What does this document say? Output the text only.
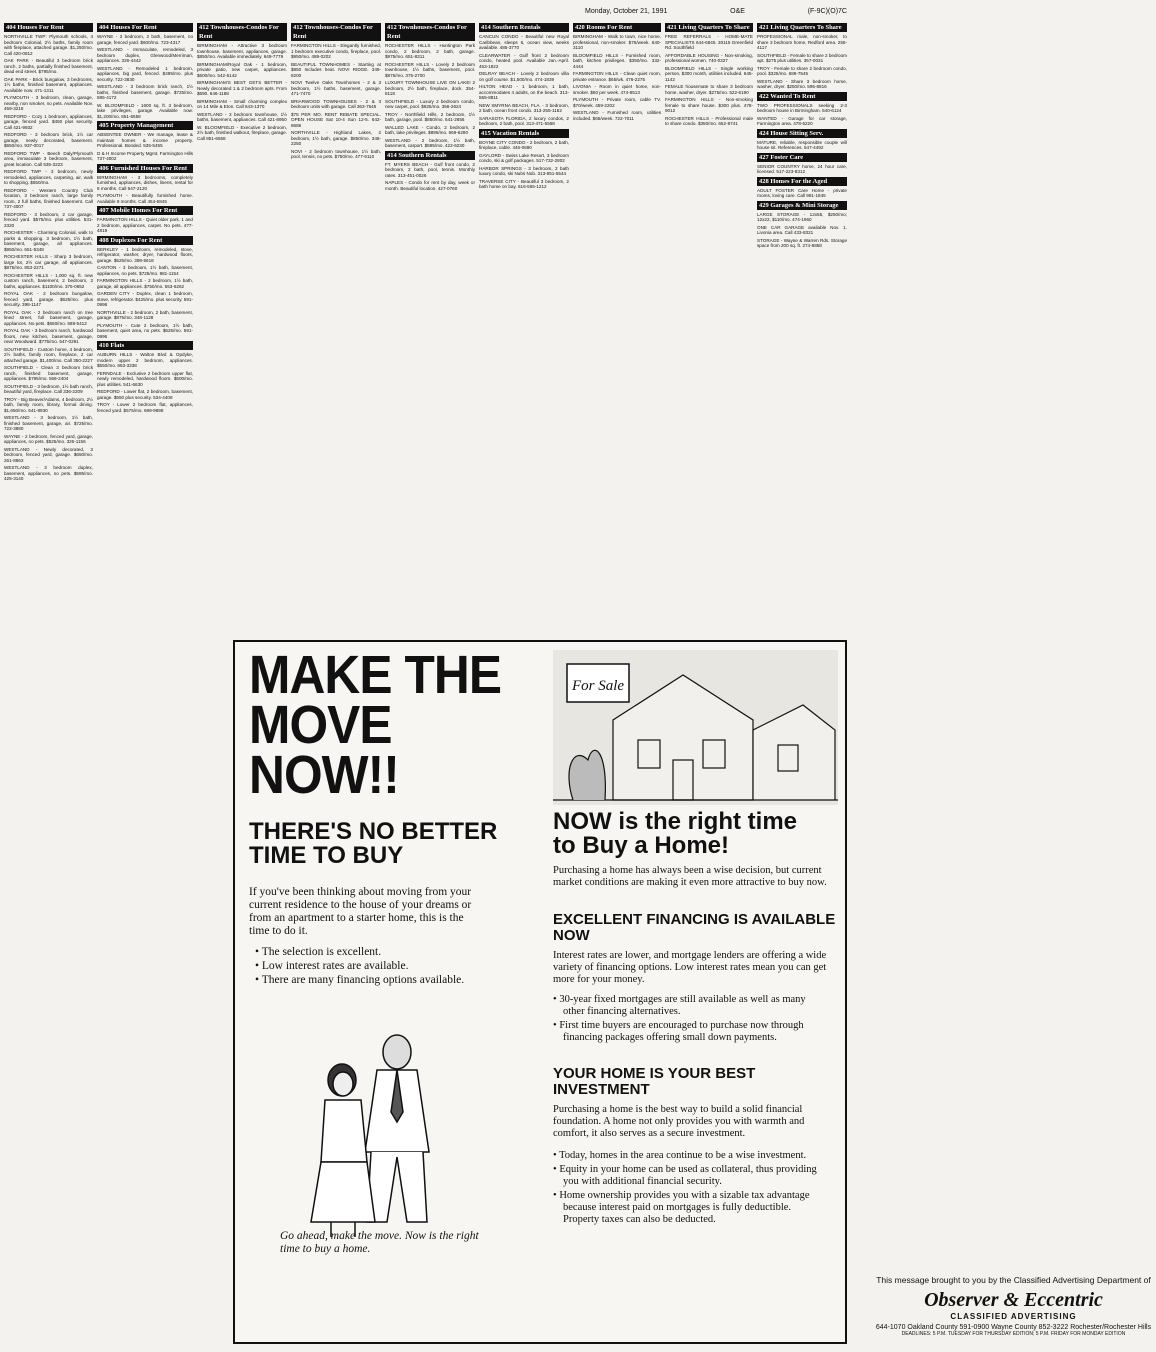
Monday, October 21, 1991	O&E	(F-9C)(O)7C
404 Houses For Rent

NORTHVILLE TWP: Plymouth schools, 4 bedroom Colonial, 2½ baths, family room with fireplace, attached garage. $1,250/mo. Call 420-0812

OAK PARK - Beautiful 3 bedroom brick ranch, 2 baths, partially finished basement, dead end street. $795/mo.

OAK PARK - Brick bungalow, 3 bedrooms, 1½ baths, finished basement, appliances. Available now. 471-1311

PLYMOUTH - 3 bedroom, clean, garage, nearby, non smoker, no pets. Available Nov. 459-3218

REDFORD - Cozy 1 bedroom, appliances, garage, fenced yard. $450 plus security. Call 421-9932

REDFORD - 3 bedroom brick, 1½ car garage, newly decorated, basement. $650/mo. 937-0017

REDFORD TWP - Beech Daly/Plymouth area, immaculate 3 bedroom, basement, great location. Call 535-3223

REDFORD TWP - 3 bedroom, newly remodeled, appliances, carpeting, air, walk to shopping. $650/mo.

REDFORD - Western Country Club location, 3 bedroom ranch, large family room, 2 full baths, finished basement. Call 737-4007

REDFORD - 3 bedroom, 2 car garage, fenced yard. $575/mo. plus utilities. 531-2320

ROCHESTER - Charming Colonial, walk to parks & shopping. 3 bedroom, 1½ bath, basement, garage, all appliances. $950/mo. 651-5348

ROCHESTER HILLS - Sharp 3 bedroom, large lot, 2½ car garage, all appliances. $875/mo. 853-2271

ROCHESTER HILLS - 1,000 sq. ft. new custom ranch, basement, 2 bedroom, 2 baths, appliances. $1100/mo. 375-0652

ROYAL OAK - 2 bedroom bungalow, fenced yard, garage. $625/mo. plus security. 398-1147

ROYAL OAK - 2 bedroom ranch on tree lined street, full basement, garage, appliances. No pets. $650/mo. 588-5412

ROYAL OAK - 3 bedroom ranch, hardwood floors, new kitchen, basement, garage, near Woodward. $775/mo. 547-0291

SOUTHFIELD - Custom home, 4 bedroom, 2½ baths, family room, fireplace, 2 car attached garage. $1,400/mo. Call 350-2227

SOUTHFIELD - Clean 3 bedroom brick ranch, finished basement, garage, appliances. $795/mo. 569-2404

SOUTHFIELD - 3 bedroom, 1½ bath ranch, beautiful yard, fireplace. Call 336-2209

TROY - Big Beaver/Adams, 4 bedroom, 2½ bath, family room, library, formal dining. $1,650/mo. 641-8930

WESTLAND - 3 bedroom, 1½ bath, finished basement, garage, air. $725/mo. 722-3880

WAYNE - 2 bedroom, fenced yard, garage, appliances, no pets. $525/mo. 326-1156

WESTLAND - Newly decorated, 3 bedroom, fenced yard, garage. $650/mo. 261-8863

WESTLAND - 3 bedroom duplex, basement, appliances, no pets. $595/mo. 425-3140

404 Houses For Rent

WAYNE - 3 bedroom, 2 bath, basement, no garage, fenced yard. $600/mo. 723-4317

WESTLAND - Immaculate, remodeled, 3 bedroom duplex, Glenwood/Merriman, appliances. 326-4442

WESTLAND - Remodeled 1 bedroom, appliances, big yard, fenced. $495/mo. plus security. 722-3830

WESTLAND - 3 bedroom brick ranch, 1½ baths, finished basement, garage. $725/mo. 595-4172

W. BLOOMFIELD - 1600 sq. ft. 3 bedroom, lake privileges, garage. Available now. $1,200/mo. 851-6558

405 Property Management

ABSENTEE OWNER - We manage, lease & maintain homes & income property. Professional. Bonded. 535-5455

D & H Income Property Mgmt. Farmington Hills 737-4002

406 Furnished Houses For Rent

BIRMINGHAM - 3 bedrooms, completely furnished, appliances, dishes, linens, rental for 6 months. Call 647-2120

PLYMOUTH - Beautifully furnished home. Available 9 months. Call 454-6845

407 Mobile Homes For Rent

FARMINGTON HILLS - Quiet older park. 1 and 2 bedroom, appliances, carpet. No pets. 477-4819

408 Duplexes For Rent

BERKLEY - 1 bedroom, remodeled, stove, refrigerator, washer, dryer, hardwood floors, garage. $525/mo. 398-5618

CANTON - 3 bedroom, 1½ bath, basement, appliances, no pets. $725/mo. 981-1154

FARMINGTON HILLS - 2 bedroom, 1½ bath, garage, all appliances. $750/mo. 553-6262

GARDEN CITY - Duplex, clean 1 bedroom, stove, refrigerator. $425/mo. plus security. 591-0996

NORTHVILLE - 2 bedroom, 2 bath, basement, garage. $875/mo. 348-1128

PLYMOUTH - Cute 2 bedroom, 1½ bath, basement, quiet area, no pets. $625/mo. 591-0996

410 Flats

AUBURN HILLS - Walton Blvd & Opdyke, modern upper 2 bedroom, appliances. $550/mo. 853-3338

FERNDALE - Exclusive 2 bedroom upper flat, newly remodeled, hardwood floors. $500/mo. plus utilities. 541-6630

REDFORD - Lower flat, 2 bedroom, basement, garage. $550 plus security. 534-4408

TROY - Lower 2 bedroom flat, appliances, fenced yard. $575/mo. 689-9898

412 Townhouses-Condos For Rent

BIRMINGHAM - Attractive 3 bedroom townhouse, basement, appliances, garage. $850/mo. Available immediately. 649-7779

BIRMINGHAM/Royal Oak - 1 bedroom, private patio, new carpet, appliances. $600/mo. 542-5142

BIRMINGHAM'S BEST GETS BETTER - Newly decorated 1 & 2 bedroom apts. From $690. 646-1188

BIRMINGHAM - Small charming complex on 14 Mile & Eton. Call 643-1370

WESTLAND - 3 bedroom townhouse, 1½ baths, basement, appliances. Call 421-8950

W. BLOOMFIELD - Executive 2 bedroom, 2½ bath, finished walkout, fireplace, garage. Call 851-6558

412 Townhouses-Condos For Rent

FARMINGTON HILLS - Elegantly furnished, 1 bedroom executive condo, fireplace, pool. $950/mo. 489-0202

BEAUTIFUL TOWNHOMES - Starting at $950 Includes heat. NOVI RIDGE. 349-8200

NOVI Twelve Oaks Townhomes - 2 & 3 bedroom, 1½ baths, basement, garage. 471-7470

BRIARWOOD TOWNHOUSES - 2 & 3 bedroom units with garage. Call 363-7545

$75 PER MO. RENT REBATE SPECIAL. OPEN HOUSE Sat 10-4 Sun 12-5. 642-8686

NORTHVILLE - Highland Lakes, 2 bedroom, 1½ bath, garage. $850/mo. 348-2250

NOVI - 2 bedroom townhouse, 1½ bath, pool, tennis, no pets. $750/mo. 477-9110

412 Townhouses-Condos For Rent

ROCHESTER HILLS - Huntington Park condo, 2 bedroom, 2 bath, garage. $975/mo. 651-8311

ROCHESTER HILLS - Lovely 2 bedroom townhouse, 1½ baths, basement, pool. $875/mo. 375-2700

LUXURY TOWNHOUSE LIVE ON LAKE! 2 bedroom, 2½ bath, fireplace, dock. 354-8118

SOUTHFIELD - Luxury 2 bedroom condo, new carpet, pool. $825/mo. 356-2624

TROY - Northfield Hills, 2 bedroom, 1½ bath, garage, pool. $850/mo. 641-2656

WALLED LAKE - Condo, 2 bedroom, 2 bath, lake privileges. $895/mo. 669-6280

WESTLAND - 2 bedroom, 1½ bath, basement, carport. $595/mo. 422-6230

414 Southern Rentals

FT. MYERS BEACH - Gulf front condo, 2 bedroom, 2 bath, pool, tennis. Monthly rates. 313-451-0026

NAPLES - Condo for rent by day, week or month. Beautiful location. 427-0760

414 Southern Rentals

CANCUN CONDO - Beautiful new Royal Caribbean, sleeps 6, ocean view, weeks available. 485-3770

CLEARWATER - Gulf front 2 bedroom condo, heated pool. Available Jan.-April. 453-1822

DELRAY BEACH - Lovely 2 bedroom villa on golf course. $1,500/mo. 474-1839

HILTON HEAD - 1 bedroom, 1 bath, accommodates 4 adults, on the beach. 313-555-8811

NEW SMYRNA BEACH, FLA. - 3 bedroom, 2 bath, ocean front condo. 313-255-1162

SARASOTA FLORIDA, 2 luxury condos, 2 bedroom, 2 bath, pool. 313-471-5558

415 Vacation Rentals

BOYNE CITY CONDO - 2 bedroom, 2 bath, fireplace, cable. 446-0690

GAYLORD - Swiss Lake Resort, 3 bedroom condo, ski & golf packages. 517-732-2802

HARBOR SPRINGS - 3 bedroom, 2 bath luxury condo, ski Nubs Nob. 313-851-5544

TRAVERSE CITY - Beautiful 3 bedroom, 2 bath home on bay. 616-555-1212

420 Rooms For Rent

BIRMINGHAM - Walk to town, nice home, professional, non-smoker. $75/week. 640-3110

BLOOMFIELD HILLS - Furnished room, bath, kitchen privileges. $350/mo. 332-4444

FARMINGTON HILLS - Clean quiet room, private entrance. $65/wk. 476-2275

LIVONIA - Room in quiet home, non-smoker. $60 per week. 474-8513

PLYMOUTH - Private room, cable TV. $70/week. 459-2202

WESTLAND - Furnished room, utilities included. $65/week. 722-7011

421 Living Quarters To Share

FREE REFERRALS - HOME-MATE SPECIALISTS 644-6845. 30115 Greenfield Rd. Southfield

AFFORDABLE HOUSING - Non-smoking, professional women. 740-0327

BLOOMFIELD HILLS - Single working person, $300 month, utilities included. 645-1142

FEMALE housemate to share 3 bedroom home, washer, dryer. $275/mo. 522-6190

FARMINGTON HILLS - Non-smoking female to share house. $300 plus. 478-9012

ROCHESTER HILLS - Professional male to share condo. $350/mo. 652-8741

421 Living Quarters To Share

PROFESSIONAL male, non-smoker, to share 3 bedroom home, Redford area. 255-4117

SOUTHFIELD - Female to share 2 bedroom apt. $275 plus utilities. 357-0031

TROY - Female to share 2 bedroom condo, pool. $325/mo. 689-7545

WESTLAND - Share 3 bedroom home, washer, dryer. $250/mo. 595-8816

422 Wanted To Rent

TWO PROFESSIONALS seeking 2-3 bedroom house in Birmingham. 540-6124

WANTED - Garage for car storage, Farmington area. 478-6220

424 House Sitting Serv.

MATURE, reliable, responsible couple will house sit. References. 547-4492

427 Foster Care

SENIOR COUNTRY home, 24 hour care, licensed. 517-223-8312

428 Homes For the Aged

ADULT FOSTER Care Home - private rooms, loving care. Call 981-1845

429 Garages & Mini Storage

LARGE STORAGE - 12x55, $250/mo; 12x22, $110/mo. 474-1960

ONE CAR GARAGE available Nov. 1. Livonia area. Call 433-8321

STORAGE - Wayne & Warren Rds. Storage space from 200 sq. ft. 274-8858

MAKE THE
MOVE NOW!!
THERE'S NO BETTER TIME TO BUY
If you've been thinking about moving from your current residence to the house of your dreams or from an apartment to a starter home, this is the time to do it.
• The selection is excellent.
• Low interest rates are available.
• There are many financing options available.
Go ahead, make the move. Now is the right time to buy a home.
For Sale
NOW is the right time
to Buy a Home!
Purchasing a home has always been a wise decision, but current market conditions are making it even more attractive to buy now.
EXCELLENT FINANCING IS AVAILABLE NOW
Interest rates are lower, and mortgage lenders are offering a wide variety of financing options. Low interest rates mean you can get more for your money.
• 30-year fixed mortgages are still available as well as many other financing alternatives.
• First time buyers are encouraged to purchase now through financing packages offering small down payments.
YOUR HOME IS YOUR BEST INVESTMENT
Purchasing a home is the best way to build a solid financial foundation. A home not only provides you with warmth and comfort, it also serves as a secure investment.
• Today, homes in the area continue to be a wise investment.
• Equity in your home can be used as collateral, thus providing you with additional financial security.
• Home ownership provides you with a sizable tax advantage because interest paid on mortgages is fully deductible. Property taxes can also be deducted.
This message brought to you by the Classified Advertising Department of
Observer & Eccentric
CLASSIFIED ADVERTISING
644-1070 Oakland County 591-0900 Wayne County 852-3222 Rochester/Rochester Hills
DEADLINES: 5 P.M. TUESDAY FOR THURSDAY EDITION; 5 P.M. FRIDAY FOR MONDAY EDITION
